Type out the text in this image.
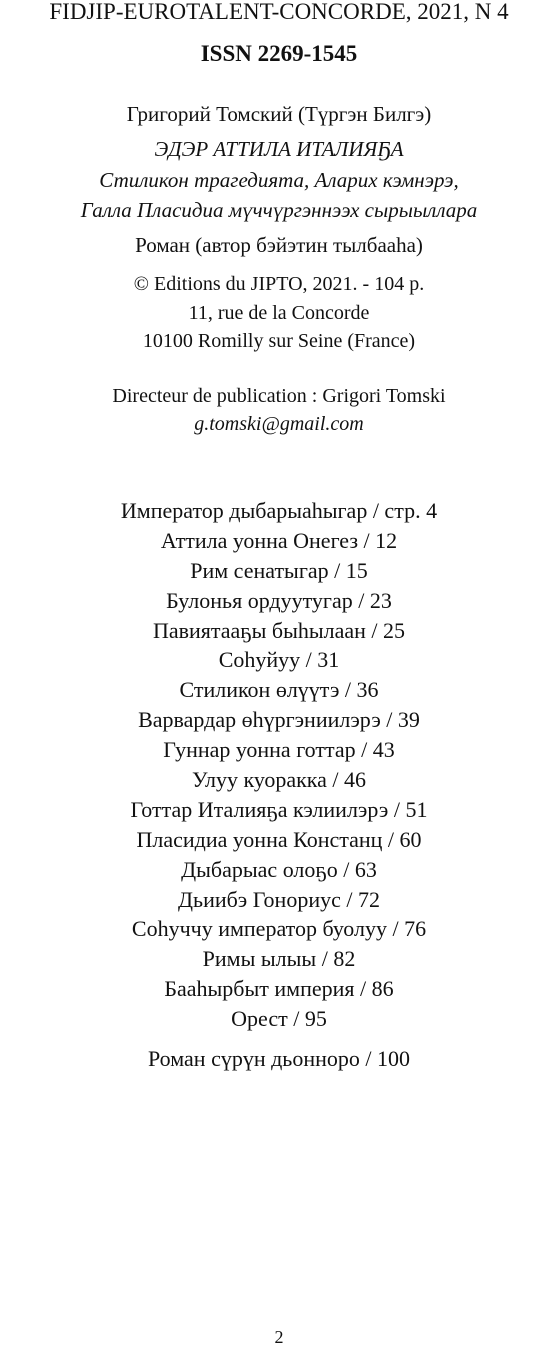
FIDJIP-EUROTALENT-CONCORDE, 2021, N 4
ISSN 2269-1545
Григорий Томский (Түргэн Билгэ)
ЭДЭР АТТИЛА ИТАЛИЯҔА
Стиликон трагедията, Аларих кэмнэрэ,
Галла Пласидиа мүччүргэннээх сырыыллара
Роман (автор бэйэтин тылбааһа)
© Editions du JIPTO, 2021. - 104 p.
11, rue de la Concorde
10100 Romilly sur Seine (France)
Directeur de publication : Grigori Tomski
g.tomski@gmail.com
Император дыбарыаһыгар / стр. 4
Аттила уонна Онегез / 12
Рим сенатыгар / 15
Булонья ордуутугар / 23
Павиятааҕы быһылаан / 25
Соһуйуу / 31
Стиликон өлүүтэ / 36
Варвардар өһүргэниилэрэ / 39
Гуннар уонна готтар / 43
Улуу куоракка / 46
Готтар Италияҕа кэлиилэрэ / 51
Пласидиа уонна Констанц / 60
Дыбарыас олоҕо / 63
Дьиибэ Гонориус / 72
Соһуччу император буолуу / 76
Римы ылыы / 82
Бааһырбыт империя / 86
Орест / 95
Роман сүрүн дьонноро / 100
2
